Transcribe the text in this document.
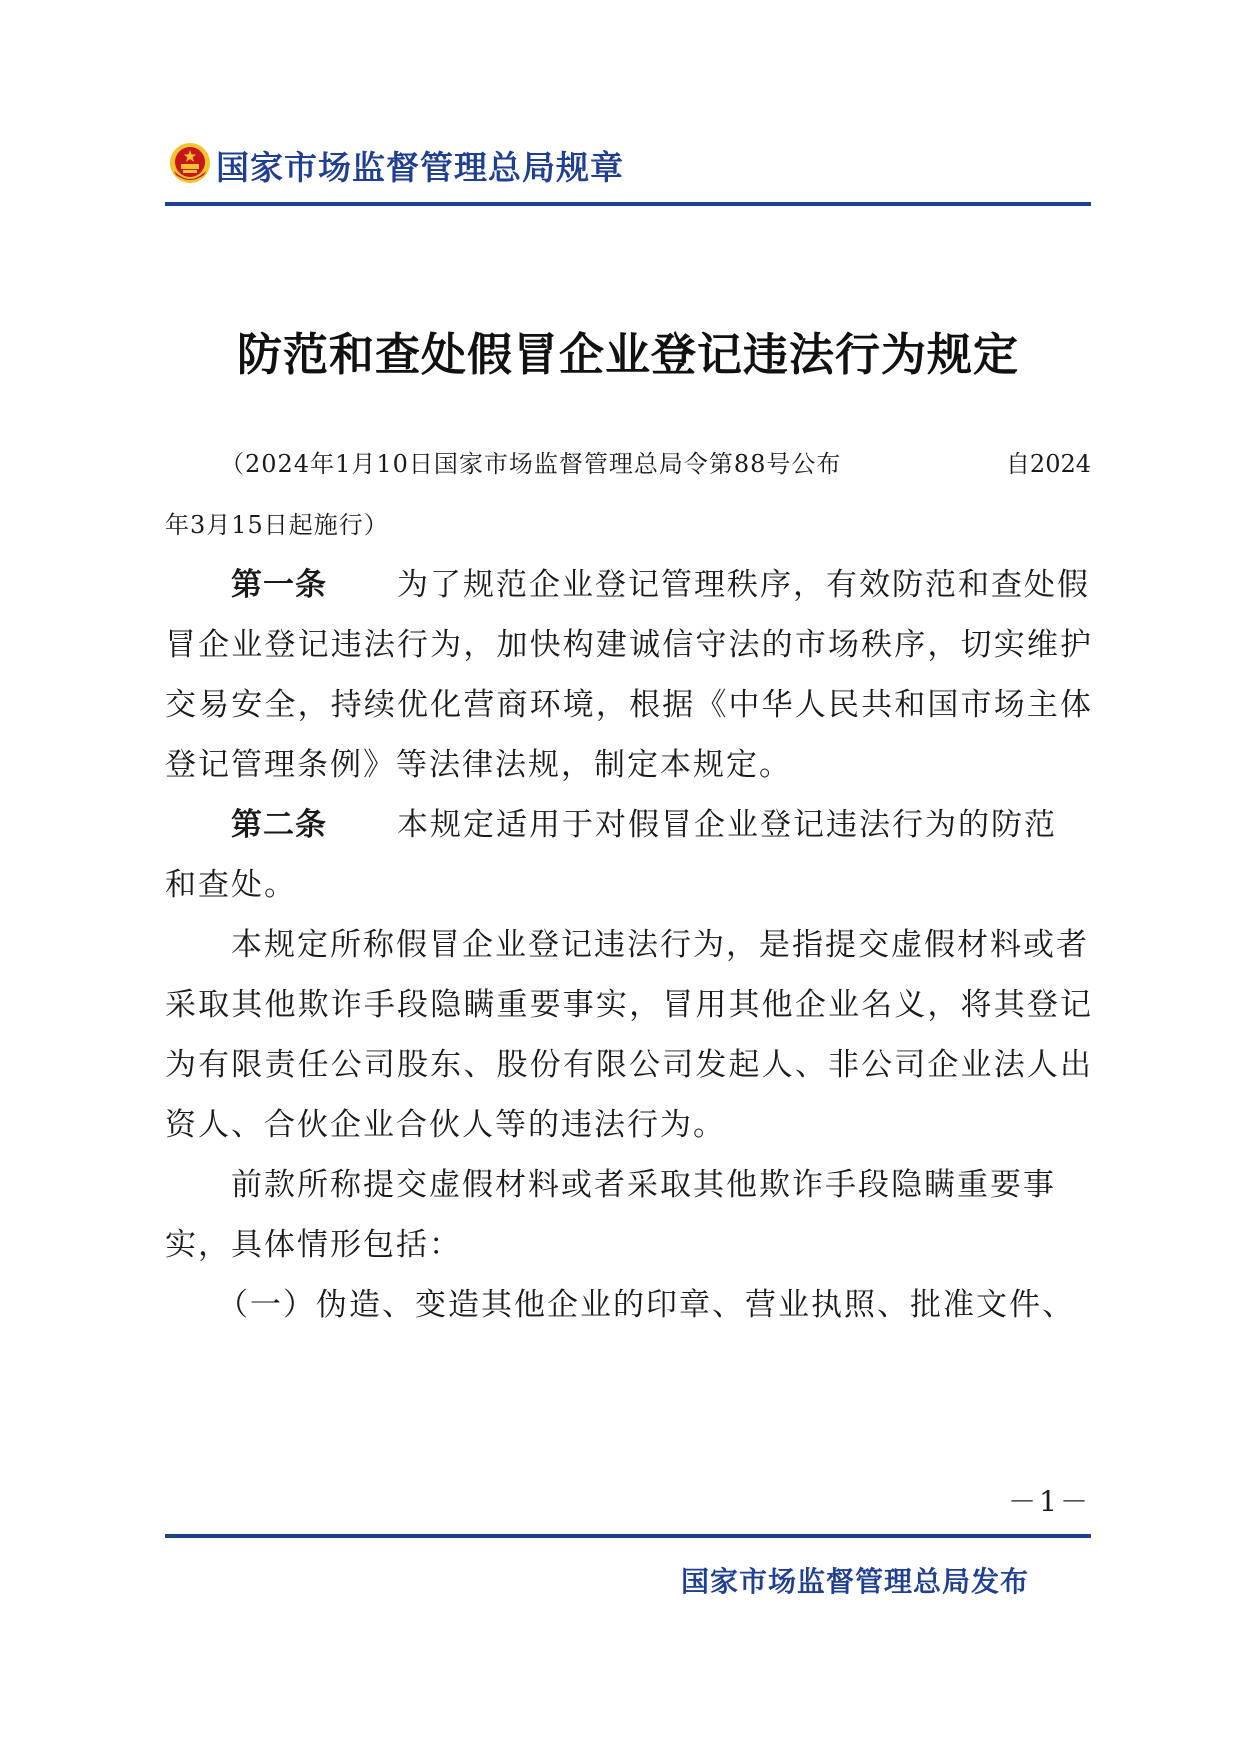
国家市场监督管理总局规章
防范和查处假冒企业登记违法行为规定
（2024年1月10日国家市场监督管理总局令第88号公布	自2024
年3月15日起施行）
第一条 为了规范企业登记管理秩序，有效防范和查处假
冒企业登记违法行为，加快构建诚信守法的市场秩序，切实维护
交易安全，持续优化营商环境，根据《中华人民共和国市场主体
登记管理条例》等法律法规，制定本规定。
第二条 本规定适用于对假冒企业登记违法行为的防范
和查处。
本规定所称假冒企业登记违法行为，是指提交虚假材料或者
采取其他欺诈手段隐瞒重要事实，冒用其他企业名义，将其登记
为有限责任公司股东、股份有限公司发起人、非公司企业法人出
资人、合伙企业合伙人等的违法行为。
前款所称提交虚假材料或者采取其他欺诈手段隐瞒重要事
实，具体情形包括：
（一）伪造、变造其他企业的印章、营业执照、批准文件、
－1－
国家市场监督管理总局发布
